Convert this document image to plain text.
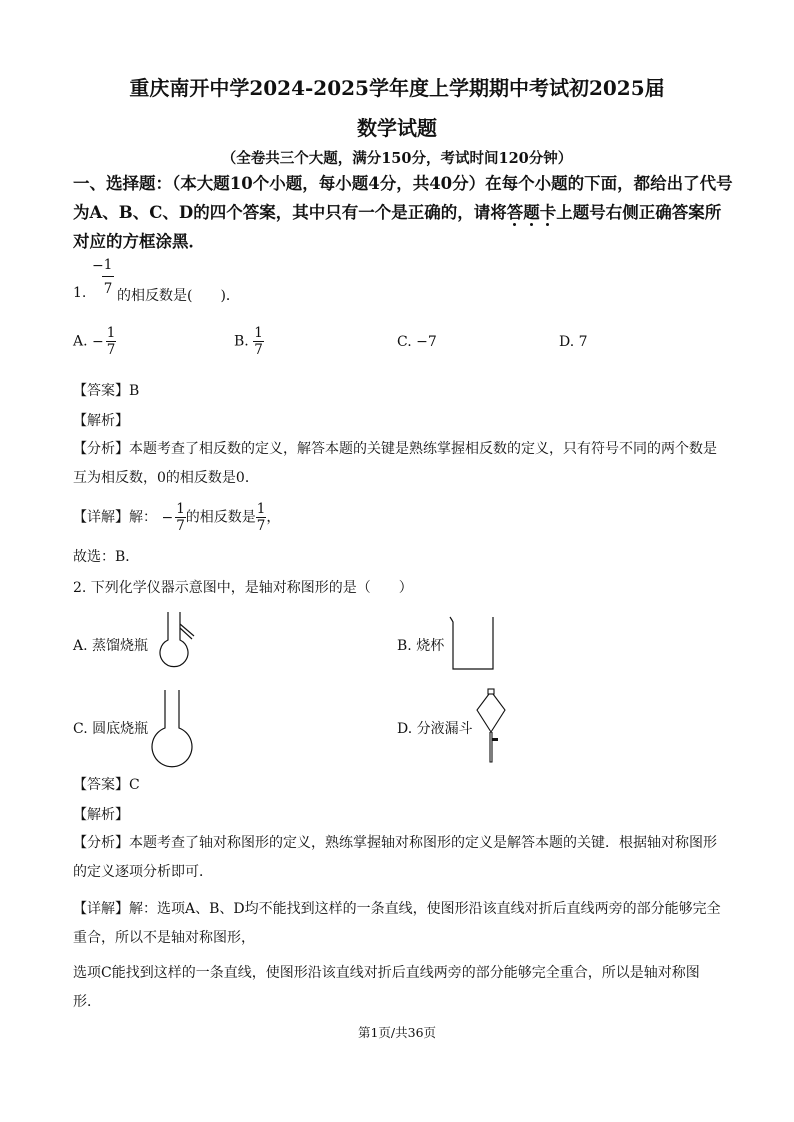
重庆南开中学2024-2025学年度上学期期中考试初2025届
数学试题
（全卷共三个大题，满分150分，考试时间120分钟）
一、选择题：（本大题10个小题，每小题4分，共40分）在每个小题的下面，都给出了代号为A、B、C、D的四个答案，其中只有一个是正确的，请将答题卡上题号右侧正确答案所对应的方框涂黑．
− 1
7
1. 的相反数是(　　)．
A. − $\frac{1}{7}$	B. $\frac{1}{7}$	C. −7	D. 7
【答案】B
【解析】
【分析】本题考查了相反数的定义，解答本题的关键是熟练掌握相反数的定义，只有符号不同的两个数是互为相反数，0的相反数是0．
【详解】解： − $\frac{1}{7}$ 的相反数是 $\frac{1}{7}$ ，
故选：B．
2. 下列化学仪器示意图中，是轴对称图形的是（　　）
A. 蒸馏烧瓶	B. 烧杯
C. 圆底烧瓶	D. 分液漏斗
【答案】C
【解析】
【分析】本题考查了轴对称图形的定义，熟练掌握轴对称图形的定义是解答本题的关键．根据轴对称图形的定义逐项分析即可．
【详解】解：选项A、B、D均不能找到这样的一条直线，使图形沿该直线对折后直线两旁的部分能够完全重合，所以不是轴对称图形，
选项C能找到这样的一条直线，使图形沿该直线对折后直线两旁的部分能够完全重合，所以是轴对称图形．
第1页/共36页
